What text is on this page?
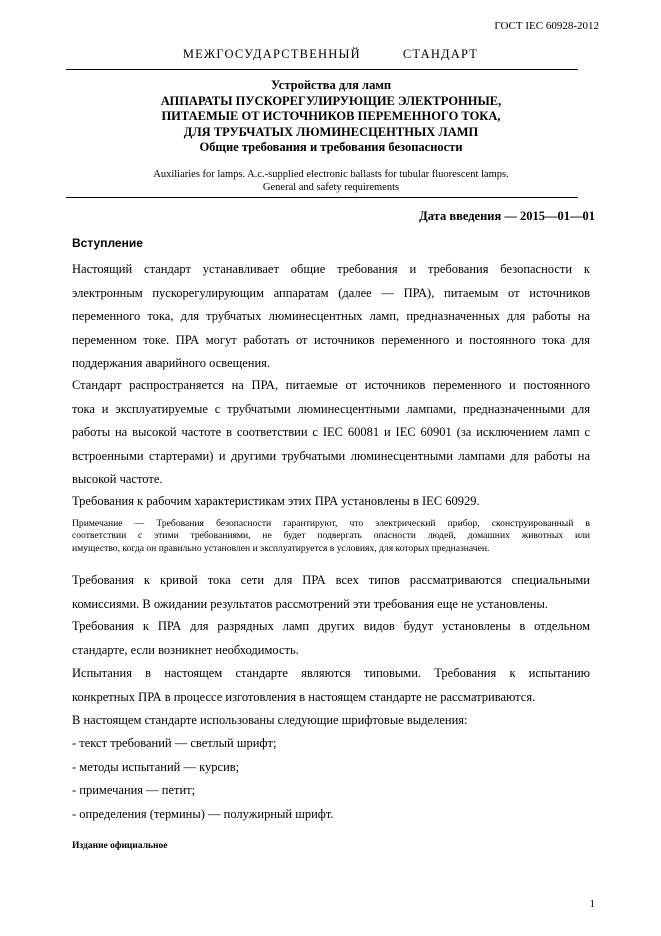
ГОСТ IEC 60928-2012
МЕЖГОСУДАРСТВЕННЫЙ	СТАНДАРТ
Устройства для ламп
АППАРАТЫ ПУСКОРЕГУЛИРУЮЩИЕ ЭЛЕКТРОННЫЕ,
ПИТАЕМЫЕ ОТ ИСТОЧНИКОВ ПЕРЕМЕННОГО ТОКА,
ДЛЯ ТРУБЧАТЫХ ЛЮМИНЕСЦЕНТНЫХ ЛАМП
Общие требования и требования безопасности
Auxiliaries for lamps. A.c.-supplied electronic ballasts for tubular fluorescent lamps.
General and safety requirements
Дата введения — 2015—01—01
Вступление
Настоящий стандарт устанавливает общие требования и требования безопасности к
электронным пускорегулирующим аппаратам (далее — ПРА), питаемым от источников
переменного тока, для трубчатых люминесцентных ламп, предназначенных для работы на
переменном токе. ПРА могут работать от источников переменного и постоянного тока для
поддержания аварийного освещения.
Стандарт распространяется на ПРА, питаемые от источников переменного и постоянного
тока и эксплуатируемые с трубчатыми люминесцентными лампами, предназначенными для
работы на высокой частоте в соответствии с IEC 60081 и IEC 60901 (за исключением ламп с
встроенными стартерами) и другими трубчатыми люминесцентными лампами для работы на
высокой частоте.
Требования к рабочим характеристикам этих ПРА установлены в IEC 60929.
Примечание — Требования безопасности гарантируют, что электрический прибор, сконструированный в
соответствии с этими требованиями, не будет подвергать опасности людей, домашних животных или
имущество, когда он правильно установлен и эксплуатируется в условиях, для которых предназначен.
Требования к кривой тока сети для ПРА всех типов рассматриваются специальными
комиссиями. В ожидании результатов рассмотрений эти требования еще не установлены.
Требования к ПРА для разрядных ламп других видов будут установлены в отдельном
стандарте, если возникнет необходимость.
Испытания в настоящем стандарте являются типовыми. Требования к испытанию
конкретных ПРА в процессе изготовления в настоящем стандарте не рассматриваются.
В настоящем стандарте использованы следующие шрифтовые выделения:
- текст требований — светлый шрифт;
- методы испытаний — курсив;
- примечания — петит;
- определения (термины) — полужирный шрифт.
Издание официальное
1
